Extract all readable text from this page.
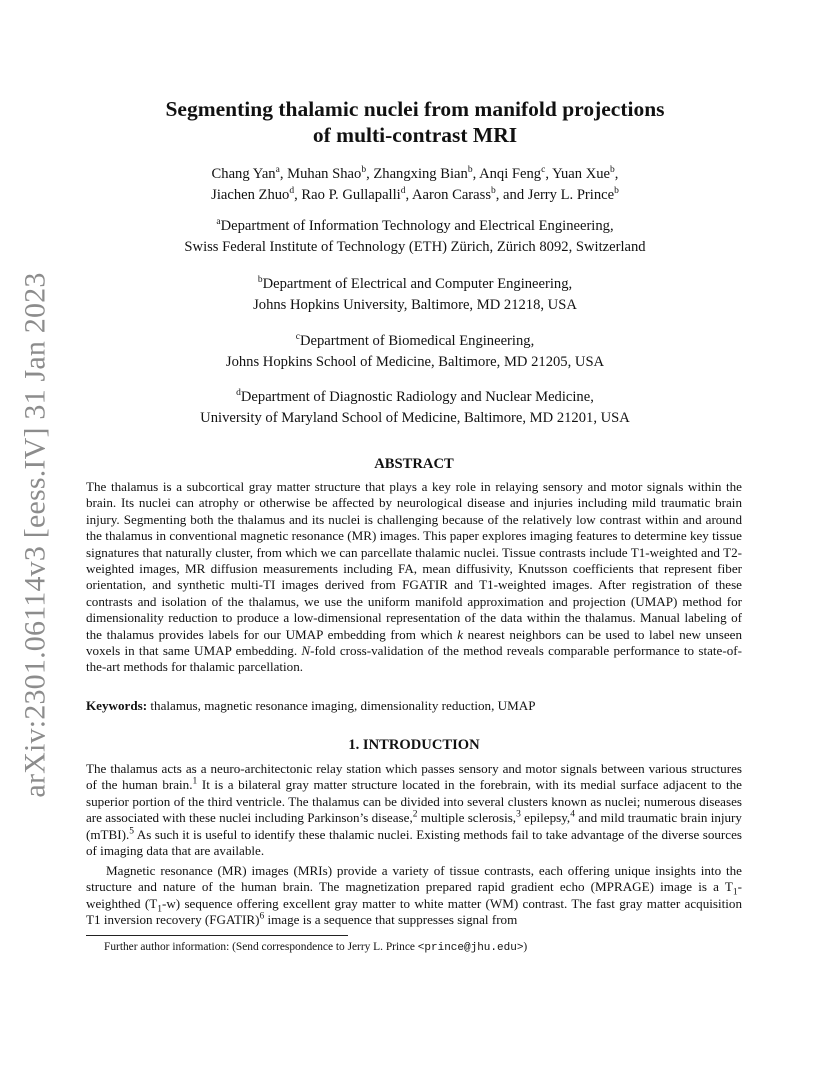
arXiv:2301.06114v3 [eess.IV] 31 Jan 2023
Segmenting thalamic nuclei from manifold projections
of multi-contrast MRI
Chang Yan$^a$, Muhan Shao$^b$, Zhangxing Bian$^b$, Anqi Feng$^c$, Yuan Xue$^b$,
Jiachen Zhuo$^d$, Rao P. Gullapalli$^d$, Aaron Carass$^b$, and Jerry L. Prince$^b$
$^a$Department of Information Technology and Electrical Engineering,
Swiss Federal Institute of Technology (ETH) Zürich, Zürich 8092, Switzerland
$^b$Department of Electrical and Computer Engineering,
Johns Hopkins University, Baltimore, MD 21218, USA
$^c$Department of Biomedical Engineering,
Johns Hopkins School of Medicine, Baltimore, MD 21205, USA
$^d$Department of Diagnostic Radiology and Nuclear Medicine,
University of Maryland School of Medicine, Baltimore, MD 21201, USA
ABSTRACT

The thalamus is a subcortical gray matter structure that plays a key role in relaying sensory and motor signals within the brain. Its nuclei can atrophy or otherwise be affected by neurological disease and injuries including mild traumatic brain injury. Segmenting both the thalamus and its nuclei is challenging because of the relatively low contrast within and around the thalamus in conventional magnetic resonance (MR) images. This paper explores imaging features to determine key tissue signatures that naturally cluster, from which we can parcellate thalamic nuclei. Tissue contrasts include T1-weighted and T2-weighted images, MR diffusion measurements including FA, mean diffusivity, Knutsson coefficients that represent fiber orientation, and synthetic multi-TI images derived from FGATIR and T1-weighted images. After registration of these contrasts and isolation of the thalamus, we use the uniform manifold approximation and projection (UMAP) method for dimensionality reduction to produce a low-dimensional representation of the data within the thalamus. Manual labeling of the thalamus provides labels for our UMAP embedding from which k nearest neighbors can be used to label new unseen voxels in that same UMAP embedding. N-fold cross-validation of the method reveals comparable performance to state-of-the-art methods for thalamic parcellation.

Keywords: thalamus, magnetic resonance imaging, dimensionality reduction, UMAP

1. INTRODUCTION

The thalamus acts as a neuro-architectonic relay station which passes sensory and motor signals between various structures of the human brain.$^1$ It is a bilateral gray matter structure located in the forebrain, with its medial surface adjacent to the superior portion of the third ventricle. The thalamus can be divided into several clusters known as nuclei; numerous diseases are associated with these nuclei including Parkinson’s disease,$^2$ multiple sclerosis,$^3$ epilepsy,$^4$ and mild traumatic brain injury (mTBI).$^5$ As such it is useful to identify these thalamic nuclei. Existing methods fail to take advantage of the diverse sources of imaging data that are available.

Magnetic resonance (MR) images (MRIs) provide a variety of tissue contrasts, each offering unique insights into the structure and nature of the human brain. The magnetization prepared rapid gradient echo (MPRAGE) image is a $T_1$-weighthed $(T_1-w)$ sequence offering excellent gray matter to white matter (WM) contrast. The fast gray matter acquisition T1 inversion recovery (FGATIR)$^6$ image is a sequence that suppresses signal from

Further author information: (Send correspondence to Jerry L. Prince <prince@jhu.edu>)
